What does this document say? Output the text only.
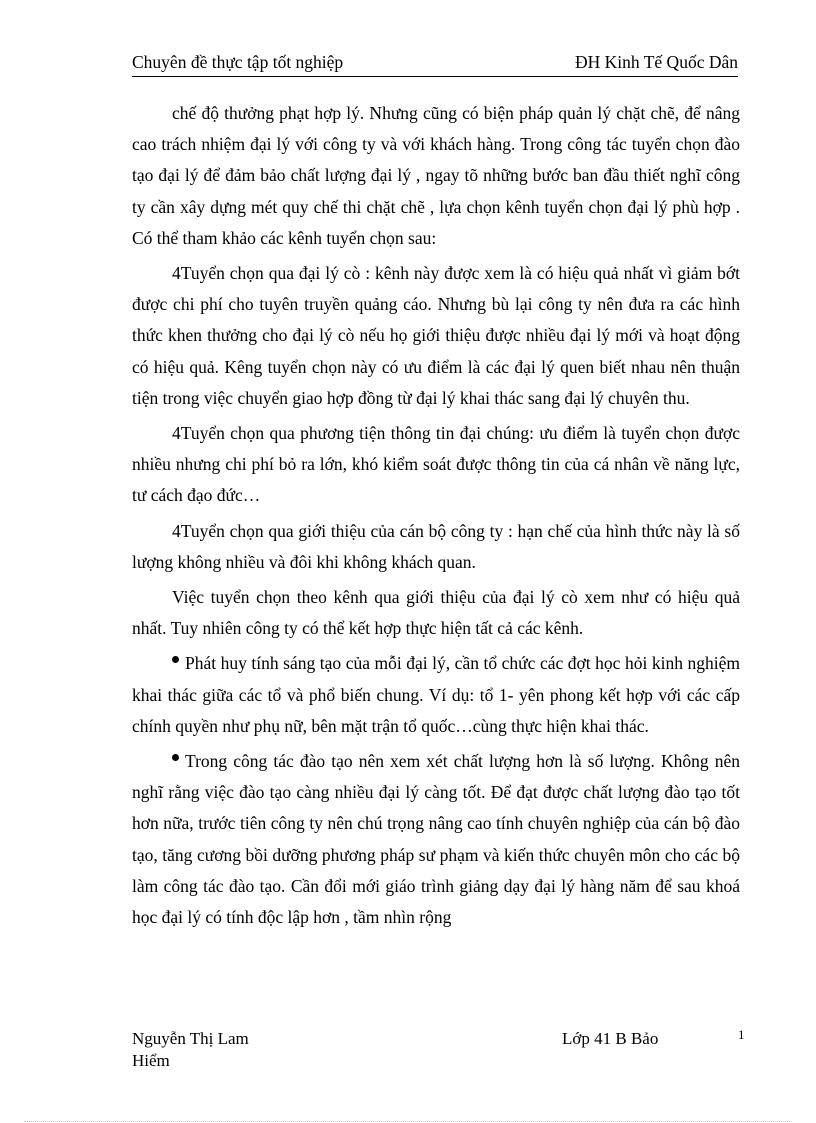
Chuyên đề thực tập tốt nghiệp	ĐH Kinh Tế Quốc Dân

chế độ thưởng phạt hợp lý. Nhưng cũng có biện pháp quản lý chặt chẽ, để nâng cao trách nhiệm đại lý với công ty và với khách hàng. Trong công tác tuyển chọn đào tạo đại lý để đảm bảo chất lượng đại lý , ngay tõ những bước ban đầu thiết nghĩ công ty cần xây dựng mét quy chế thi chặt chẽ , lựa chọn kênh tuyển chọn đại lý phù hợp . Có thể tham khảo các kênh tuyển chọn sau:

4Tuyển chọn qua đại lý cò : kênh này được xem là có hiệu quả nhất vì giảm bớt được chi phí cho tuyên truyền quảng cáo. Nhưng bù lại công ty nên đưa ra các hình thức khen thưởng cho đại lý cò nếu họ giới thiệu được nhiều đại lý mới và hoạt động có hiệu quả. Kêng tuyển chọn này có ưu điểm là các đại lý quen biết nhau nên thuận tiện trong việc chuyển giao hợp đồng từ đại lý khai thác sang đại lý chuyên thu.

4Tuyển chọn qua phương tiện thông tin đại chúng: ưu điểm là tuyển chọn được nhiều nhưng chi phí bỏ ra lớn, khó kiểm soát được thông tin của cá nhân về năng lực, tư cách đạo đức…

4Tuyển chọn qua giới thiệu của cán bộ công ty : hạn chế của hình thức này là số lượng không nhiều và đôi khi không khách quan.

Việc tuyển chọn theo kênh qua giới thiệu của đại lý cò xem như có hiệu quả nhất. Tuy nhiên công ty có thể kết hợp thực hiện tất cả các kênh.

Phát huy tính sáng tạo của mỗi đại lý, cần tổ chức các đợt học hỏi kinh nghiệm khai thác giữa các tổ và phổ biến chung. Ví dụ: tổ 1- yên phong kết hợp với các cấp chính quyền như phụ nữ, bên mặt trận tổ quốc…cùng thực hiện khai thác.

Trong công tác đào tạo nên xem xét chất lượng hơn là số lượng. Không nên nghĩ rằng việc đào tạo càng nhiều đại lý càng tốt. Để đạt được chất lượng đào tạo tốt hơn nữa, trước tiên công ty nên chú trọng nâng cao tính chuyên nghiệp của cán bộ đào tạo, tăng cương bồi dưỡng phương pháp sư phạm và kiến thức chuyên môn cho các bộ làm công tác đào tạo. Cần đổi mới giáo trình giảng dạy đại lý hàng năm để sau khoá học đại lý có tính độc lập hơn , tầm nhìn rộng

Nguyễn Thị Lam
Hiểm
Lớp 41 B Bảo	1
